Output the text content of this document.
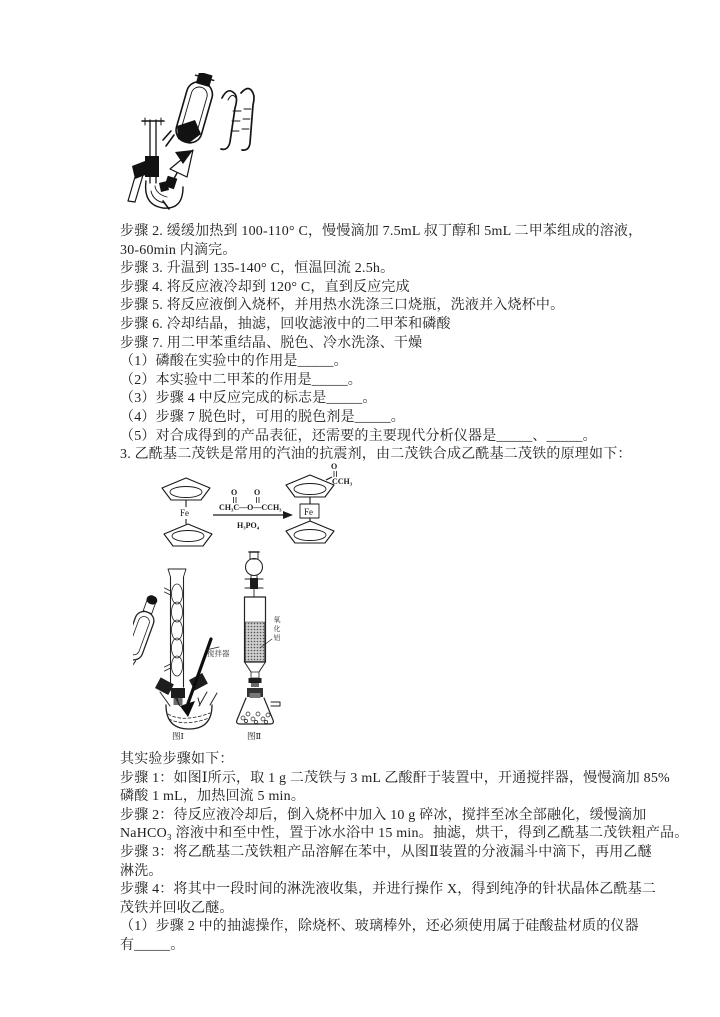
步骤 2. 缓缓加热到 100-110° C，慢慢滴加 7.5mL 叔丁醇和 5mL 二甲苯组成的溶液，
30-60min 内滴完。
步骤 3. 升温到 135-140° C，恒温回流 2.5h。
步骤 4. 将反应液冷却到 120° C，直到反应完成
步骤 5. 将反应液倒入烧杯，并用热水洗涤三口烧瓶，洗液并入烧杯中。
步骤 6. 冷却结晶，抽滤，回收滤液中的二甲苯和磷酸
步骤 7. 用二甲苯重结晶、脱色、冷水洗涤、干燥
（1）磷酸在实验中的作用是_____。
（2）本实验中二甲苯的作用是_____。
（3）步骤 4 中反应完成的标志是_____。
（4）步骤 7 脱色时，可用的脱色剂是_____。
（5）对合成得到的产品表征，还需要的主要现代分析仪器是_____、_____。
3. 乙酰基二茂铁是常用的汽油的抗震剂，由二茂铁合成乙酰基二茂铁的原理如下：
O O
CH₃C—O—CCH₃
H₃PO₄
Fe	Fe
O
CCH₃
图Ⅰ	图Ⅱ
搅拌器
氧化铝
其实验步骤如下：
步骤 1：如图Ⅰ所示，取 1 g 二茂铁与 3 mL 乙酸酐于装置中，开通搅拌器，慢慢滴加 85%
磷酸 1 mL，加热回流 5 min。
步骤 2：待反应液冷却后，倒入烧杯中加入 10 g 碎冰，搅拌至冰全部融化，缓慢滴加
NaHCO₃ 溶液中和至中性，置于冰水浴中 15 min。抽滤，烘干，得到乙酰基二茂铁粗产品。
步骤 3：将乙酰基二茂铁粗产品溶解在苯中，从图Ⅱ装置的分液漏斗中滴下，再用乙醚
淋洗。
步骤 4：将其中一段时间的淋洗液收集，并进行操作 X，得到纯净的针状晶体乙酰基二
茂铁并回收乙醚。
（1）步骤 2 中的抽滤操作，除烧杯、玻璃棒外，还必须使用属于硅酸盐材质的仪器
有_____。
